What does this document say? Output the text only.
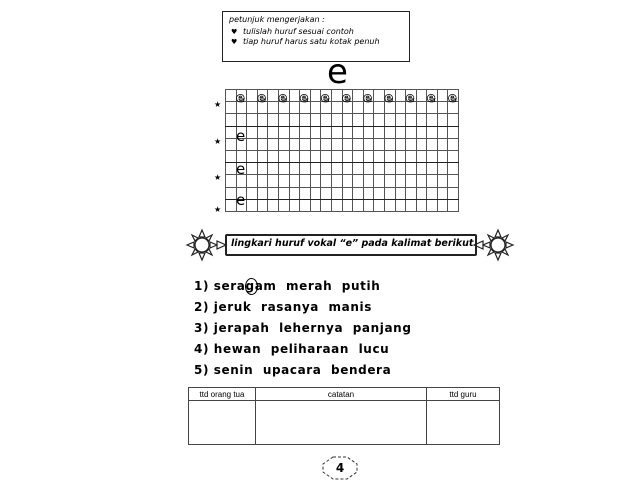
petunjuk mengerjakan :
♥ tulislah huruf sesuai contoh
♥ tiap huruf harus satu kotak penuh
e

★
★
★
★
e e e e e e e e e e e
e
e
e
lingkari huruf vokal “e” pada kalimat berikut
1) seragam  merah  putih
2) jeruk  rasanya  manis
3) jerapah  lehernya  panjang
4) hewan  peliharaan  lucu
5) senin  upacara  bendera
ttd orang tua	catatan	ttd guru

4
